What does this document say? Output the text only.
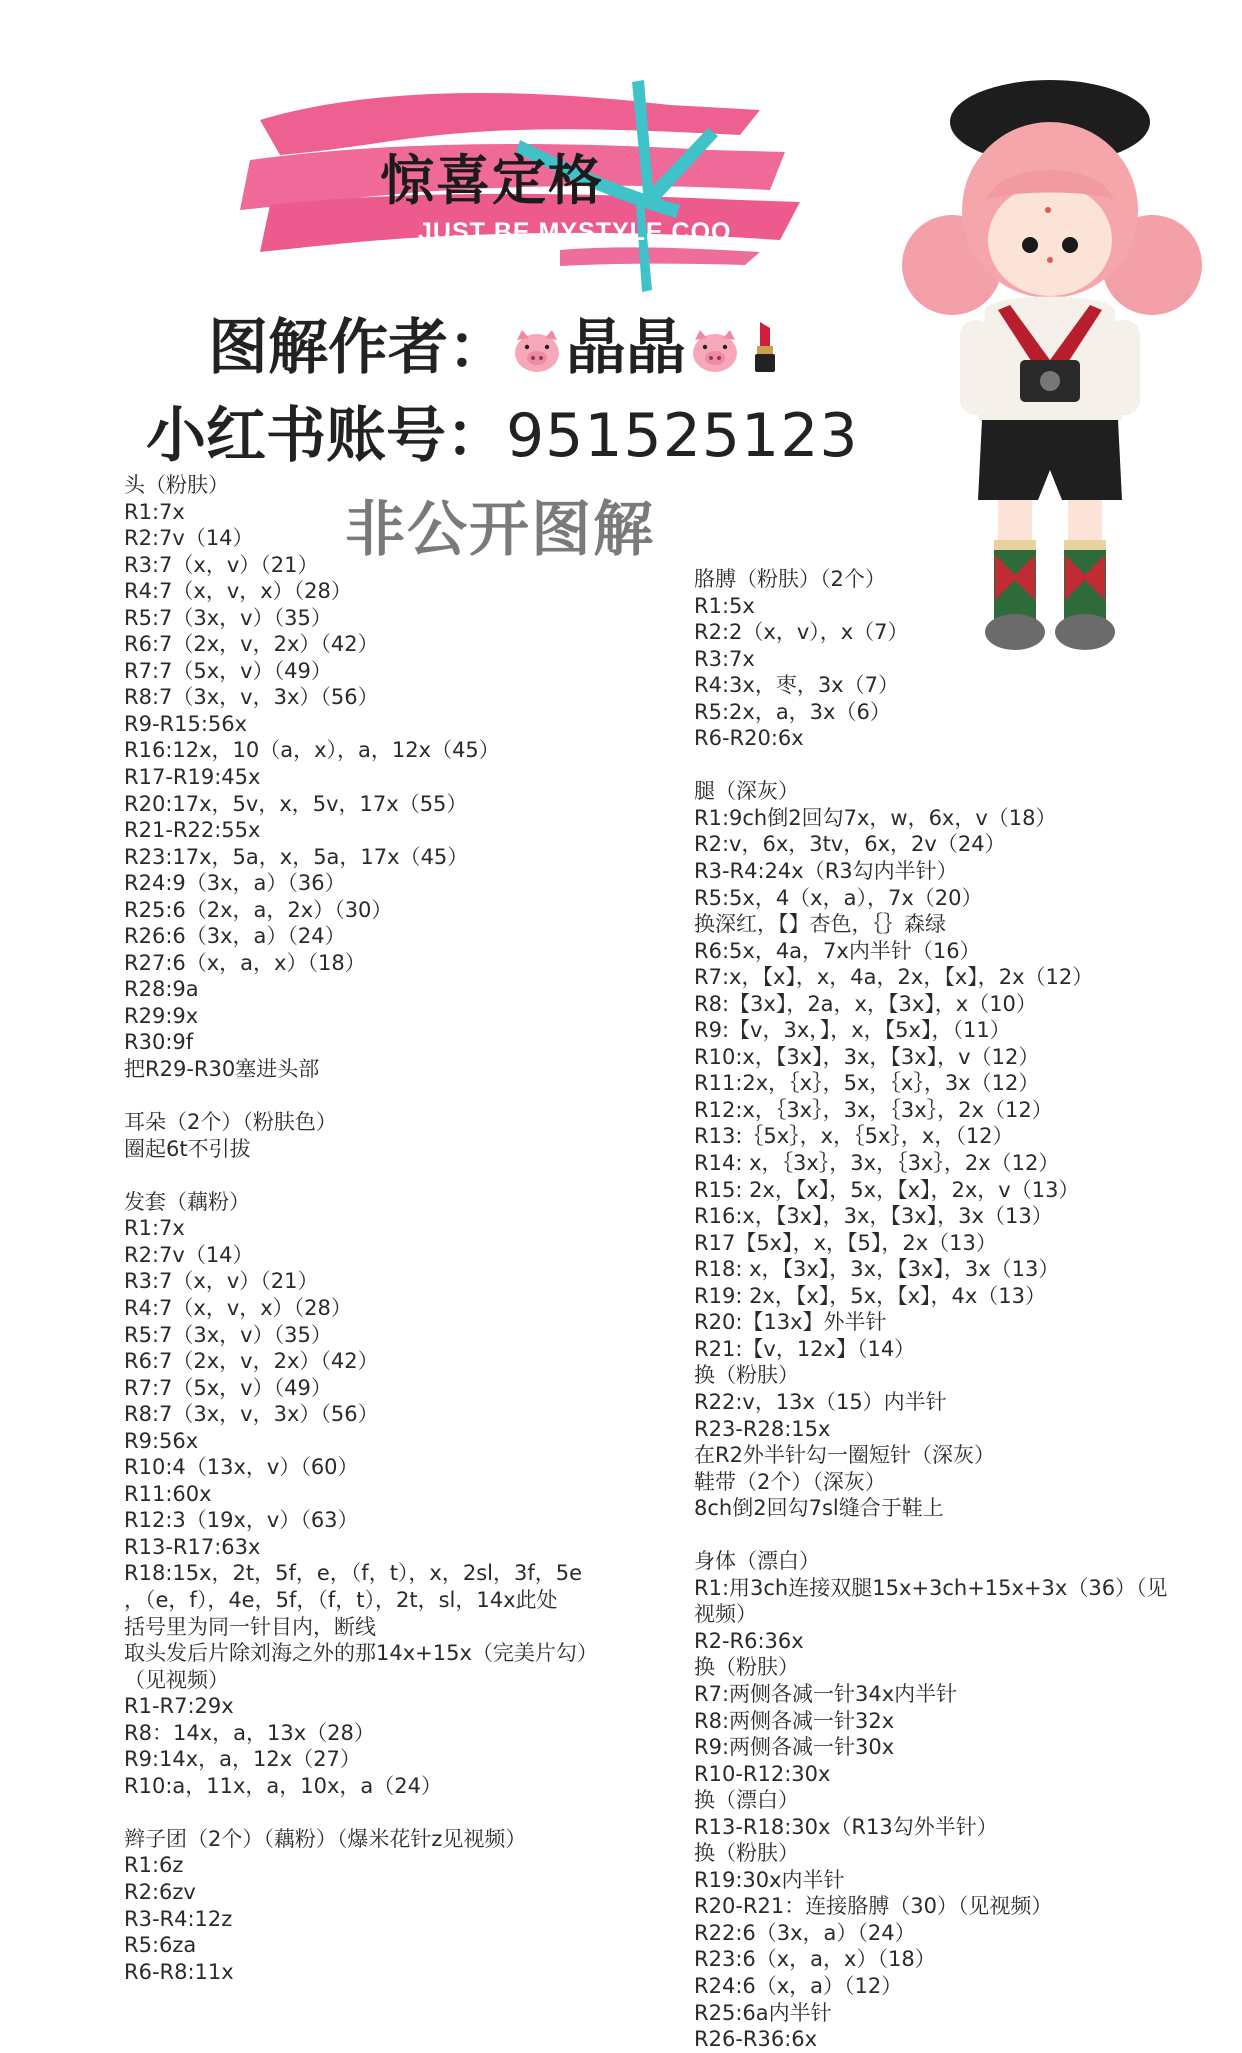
惊喜定格
JUST BE MYSTYLE COO
图解作者： 晶晶
小红书账号：951525123
非公开图解
头（粉肤）
R1:7x
R2:7v（14）
R3:7（x，v）（21）
R4:7（x，v，x）（28）
R5:7（3x，v）（35）
R6:7（2x，v，2x）（42）
R7:7（5x，v）（49）
R8:7（3x，v，3x）（56）
R9-R15:56x
R16:12x，10（a，x），a，12x（45）
R17-R19:45x
R20:17x，5v，x，5v，17x（55）
R21-R22:55x
R23:17x，5a，x，5a，17x（45）
R24:9（3x，a）（36）
R25:6（2x，a，2x）（30）
R26:6（3x，a）（24）
R27:6（x，a，x）（18）
R28:9a
R29:9x
R30:9f
把R29-R30塞进头部
耳朵（2个）（粉肤色）
圈起6t不引拔
发套（藕粉）
R1:7x
R2:7v（14）
R3:7（x，v）（21）
R4:7（x，v，x）（28）
R5:7（3x，v）（35）
R6:7（2x，v，2x）（42）
R7:7（5x，v）（49）
R8:7（3x，v，3x）（56）
R9:56x
R10:4（13x，v）（60）
R11:60x
R12:3（19x，v）（63）
R13-R17:63x
R18:15x，2t，5f，e，（f，t），x，2sl，3f，5e
，（e，f），4e，5f，（f，t），2t，sl，14x此处
括号里为同一针目内，断线
取头发后片除刘海之外的那14x+15x（完美片勾）
（见视频）
R1-R7:29x
R8：14x，a，13x（28）
R9:14x，a，12x（27）
R10:a，11x，a，10x，a（24）
辫子团（2个）（藕粉）（爆米花针z见视频）
R1:6z
R2:6zv
R3-R4:12z
R5:6za
R6-R8:11x
胳膊（粉肤）（2个）
R1:5x
R2:2（x，v），x（7）
R3:7x
R4:3x，枣，3x（7）
R5:2x，a，3x（6）
R6-R20:6x
腿（深灰）
R1:9ch倒2回勾7x，w，6x，v（18）
R2:v，6x，3tv，6x，2v（24）
R3-R4:24x（R3勾内半针）
R5:5x，4（x，a），7x（20）
换深红，【】杏色，｛｝森绿
R6:5x，4a，7x内半针（16）
R7:x，【x】，x，4a，2x，【x】，2x（12）
R8:【3x】，2a，x，【3x】，x（10）
R9:【v，3x，】，x，【5x】，（11）
R10:x，【3x】，3x，【3x】，v（12）
R11:2x，｛x｝，5x，｛x｝，3x（12）
R12:x，｛3x｝，3x，｛3x｝，2x（12）
R13:｛5x｝，x，｛5x｝，x，（12）
R14: x，｛3x｝，3x，｛3x｝，2x（12）
R15: 2x，【x】，5x，【x】，2x，v（13）
R16:x，【3x】，3x，【3x】，3x（13）
R17【5x】，x，【5】，2x（13）
R18: x，【3x】，3x，【3x】，3x（13）
R19: 2x，【x】，5x，【x】，4x（13）
R20:【13x】外半针
R21:【v，12x】（14）
换（粉肤）
R22:v，13x（15）内半针
R23-R28:15x
在R2外半针勾一圈短针（深灰）
鞋带（2个）（深灰）
8ch倒2回勾7sl缝合于鞋上
身体（漂白）
R1:用3ch连接双腿15x+3ch+15x+3x（36）（见
视频）
R2-R6:36x
换（粉肤）
R7:两侧各减一针34x内半针
R8:两侧各减一针32x
R9:两侧各减一针30x
R10-R12:30x
换（漂白）
R13-R18:30x（R13勾外半针）
换（粉肤）
R19:30x内半针
R20-R21：连接胳膊（30）（见视频）
R22:6（3x，a）（24）
R23:6（x，a，x）（18）
R24:6（x，a）（12）
R25:6a内半针
R26-R36:6x
